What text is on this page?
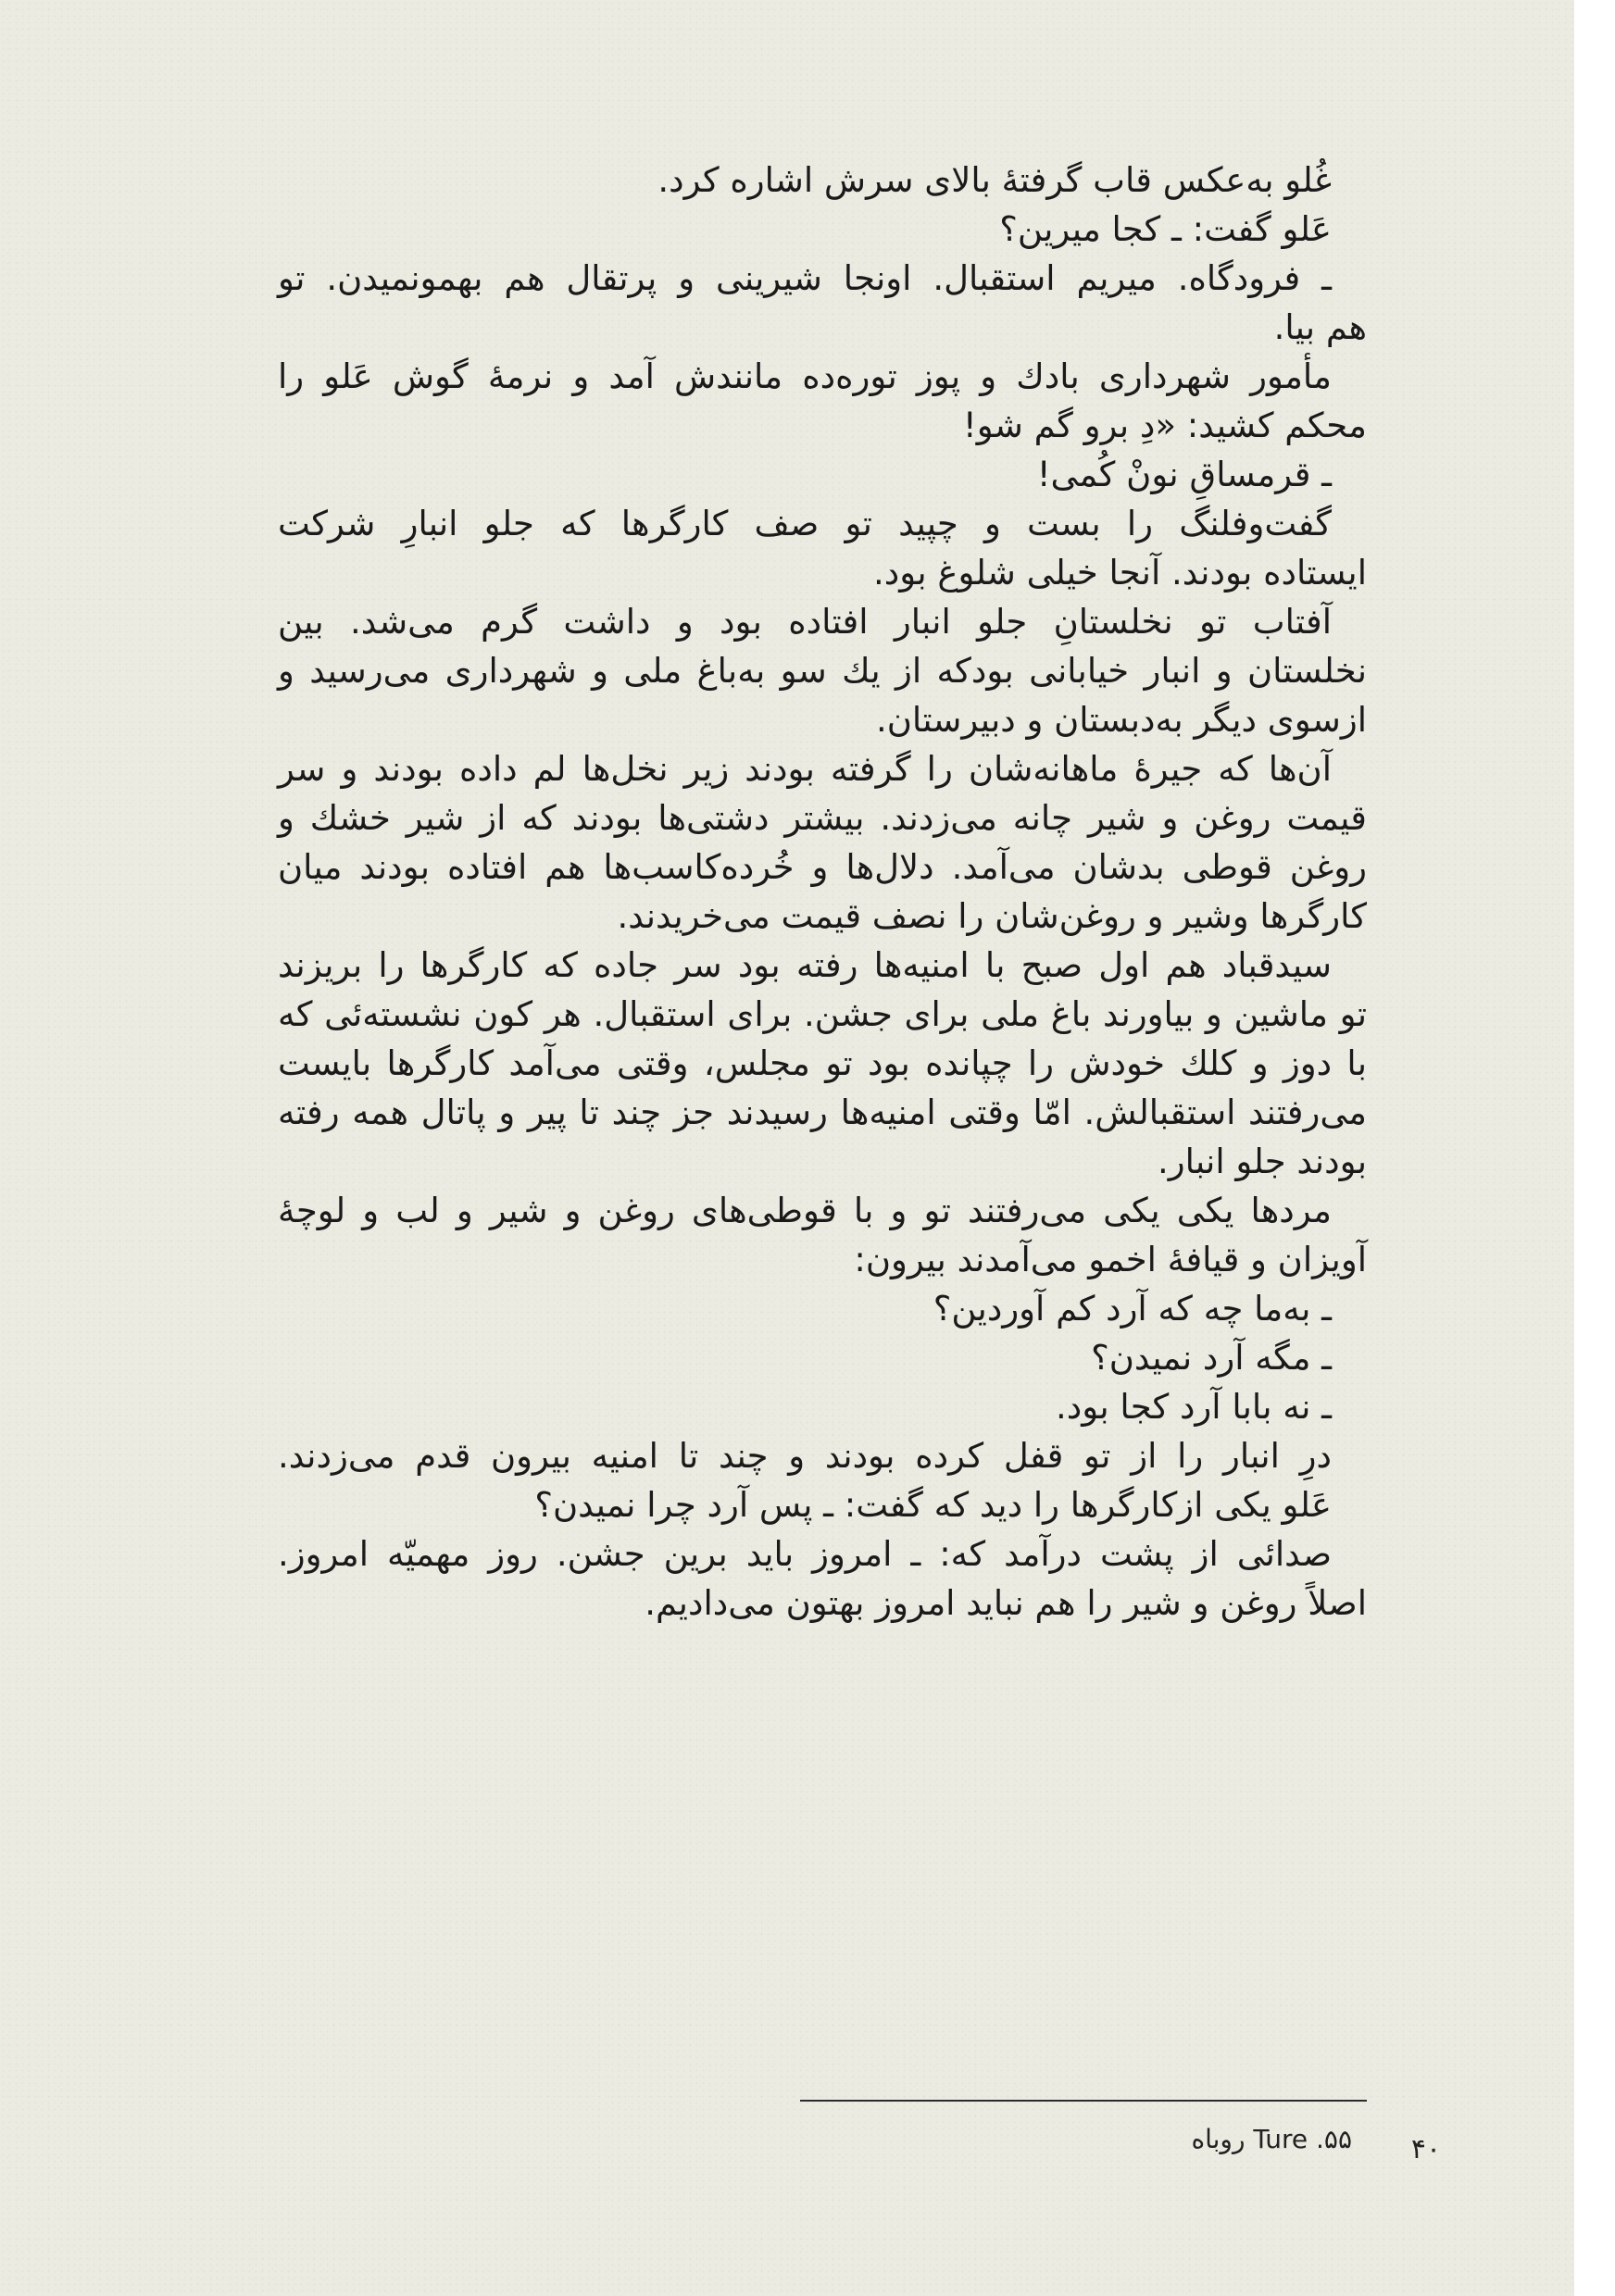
غُلو به‌عکس قاب گرفتهٔ بالای سرش اشاره کرد.
عَلو گفت: ـ کجا میرین؟
ـ فرودگاه. میریم استقبال. اونجا شیرینی و پرتقال هم بهمونمیدن. تو
هم بیا.
مأمور شهرداری بادك و پوز توره‌ده مانندش آمد و نرمهٔ گوش عَلو را
محکم کشید: «دِ برو گم شو!
ـ قرمساقِ نونْ کُمی!
گفت‌وفلنگ را بست و چپید تو صف کارگرها که جلو انبارِ شرکت
ایستاده بودند. آنجا خیلی شلوغ بود.
آفتاب تو نخلستانِ جلو انبار افتاده بود و داشت گرم می‌شد. بین
نخلستان و انبار خیابانی بودکه از یك سو به‌باغ ملی و شهرداری می‌رسید و
ازسوی دیگر به‌دبستان و دبیرستان.
آن‌ها که جیرهٔ ماهانه‌شان را گرفته بودند زیر نخل‌ها لم داده بودند و سر
قیمت روغن و شیر چانه می‌زدند. بیشتر دشتی‌ها بودند که از شیر خشك و
روغن قوطی بدشان می‌آمد. دلال‌ها و خُرده‌کاسب‌ها هم افتاده بودند میان
کارگرها وشیر و روغن‌شان را نصف قیمت می‌خریدند.
سیدقباد هم اول صبح با امنیه‌ها رفته بود سر جاده که کارگرها را بریزند
تو ماشین و بیاورند باغ ملی برای جشن. برای استقبال. هر کون نشسته‌ئی که
با دوز و کلك خودش را چپانده بود تو مجلس، وقتی می‌آمد کارگرها بایست
می‌رفتند استقبالش. امّا وقتی امنیه‌ها رسیدند جز چند تا پیر و پاتال همه رفته
بودند جلو انبار.
مردها یکی یکی می‌رفتند تو و با قوطی‌های روغن و شیر و لب و لوچهٔ
آویزان و قیافهٔ اخمو می‌آمدند بیرون:
ـ به‌ما چه که آرد کم آوردین؟
ـ مگه آرد نمیدن؟
ـ نه بابا آرد کجا بود.
درِ انبار را از تو قفل کرده بودند و چند تا امنیه بیرون قدم می‌زدند.
عَلو یکی ازکارگرها را دید که گفت: ـ پس آرد چرا نمیدن؟
صدائی از پشت درآمد که: ـ امروز باید برین جشن. روز مهمیّه امروز.
اصلاً روغن و شیر را هم نباید امروز بهتون می‌دادیم.
۵۵. Ture روباه	۴۰
